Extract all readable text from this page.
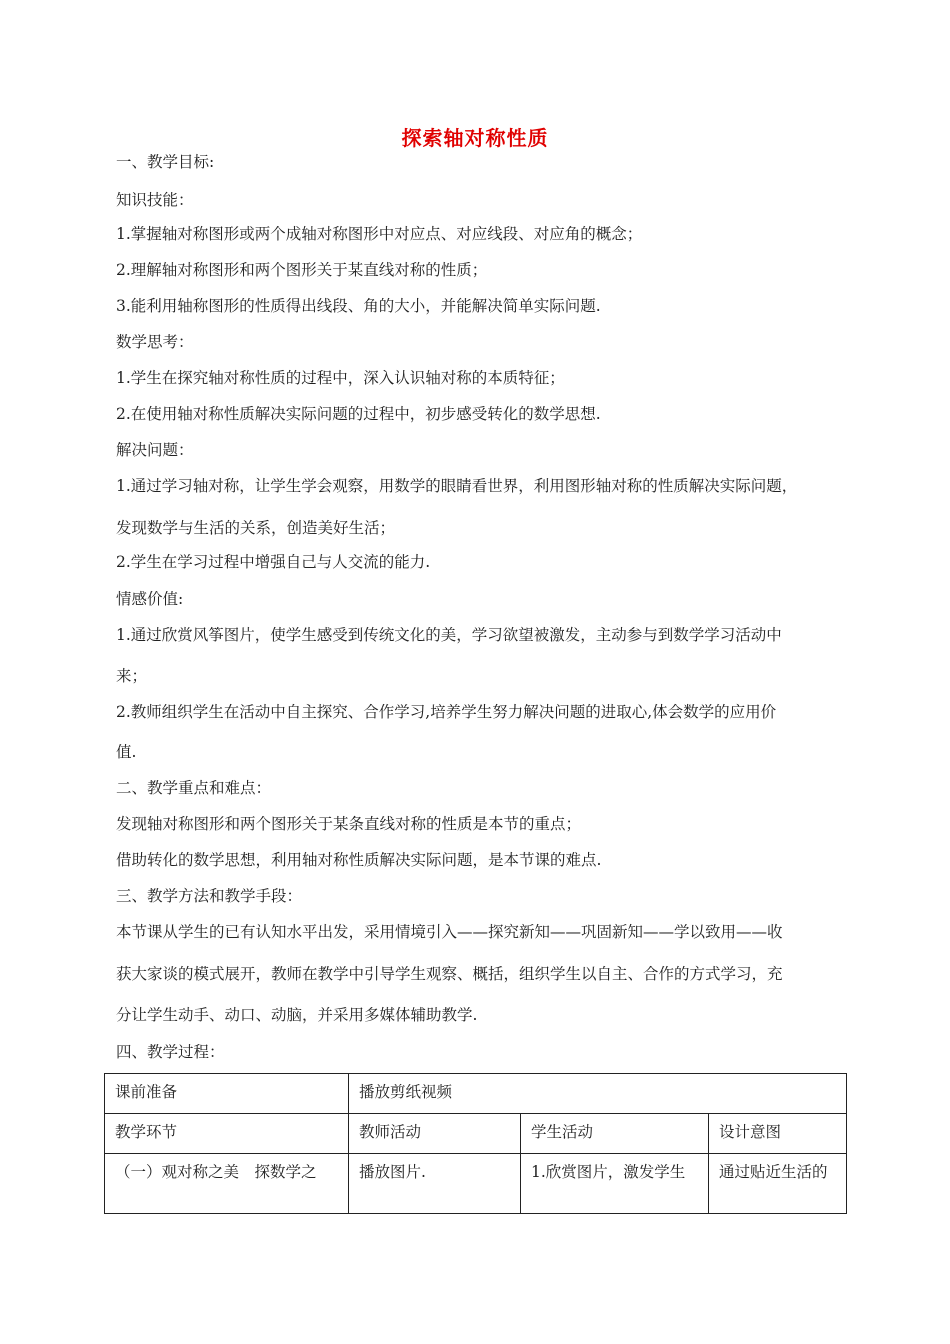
探索轴对称性质
一、教学目标:
知识技能：
1.掌握轴对称图形或两个成轴对称图形中对应点、对应线段、对应角的概念；
2.理解轴对称图形和两个图形关于某直线对称的性质；
3.能利用轴称图形的性质得出线段、角的大小，并能解决简单实际问题.
数学思考：
1.学生在探究轴对称性质的过程中，深入认识轴对称的本质特征；
2.在使用轴对称性质解决实际问题的过程中，初步感受转化的数学思想.
解决问题：
1.通过学习轴对称，让学生学会观察，用数学的眼睛看世界，利用图形轴对称的性质解决实际问题，
发现数学与生活的关系，创造美好生活；
2.学生在学习过程中增强自己与人交流的能力.
情感价值:
1.通过欣赏风筝图片，使学生感受到传统文化的美，学习欲望被激发，主动参与到数学学习活动中
来；
2.教师组织学生在活动中自主探究、合作学习,培养学生努力解决问题的进取心,体会数学的应用价
值.
二、教学重点和难点：
发现轴对称图形和两个图形关于某条直线对称的性质是本节的重点；
借助转化的数学思想，利用轴对称性质解决实际问题，是本节课的难点.
三、教学方法和教学手段：
本节课从学生的已有认知水平出发，采用情境引入——探究新知——巩固新知——学以致用——收
获大家谈的模式展开，教师在教学中引导学生观察、概括，组织学生以自主、合作的方式学习，充
分让学生动手、动口、动脑，并采用多媒体辅助教学.
四、教学过程：
课前准备	播放剪纸视频		
教学环节	教师活动	学生活动	设计意图
（一）观对称之美　探数学之	播放图片.	1.欣赏图片，激发学生	通过贴近生活的
